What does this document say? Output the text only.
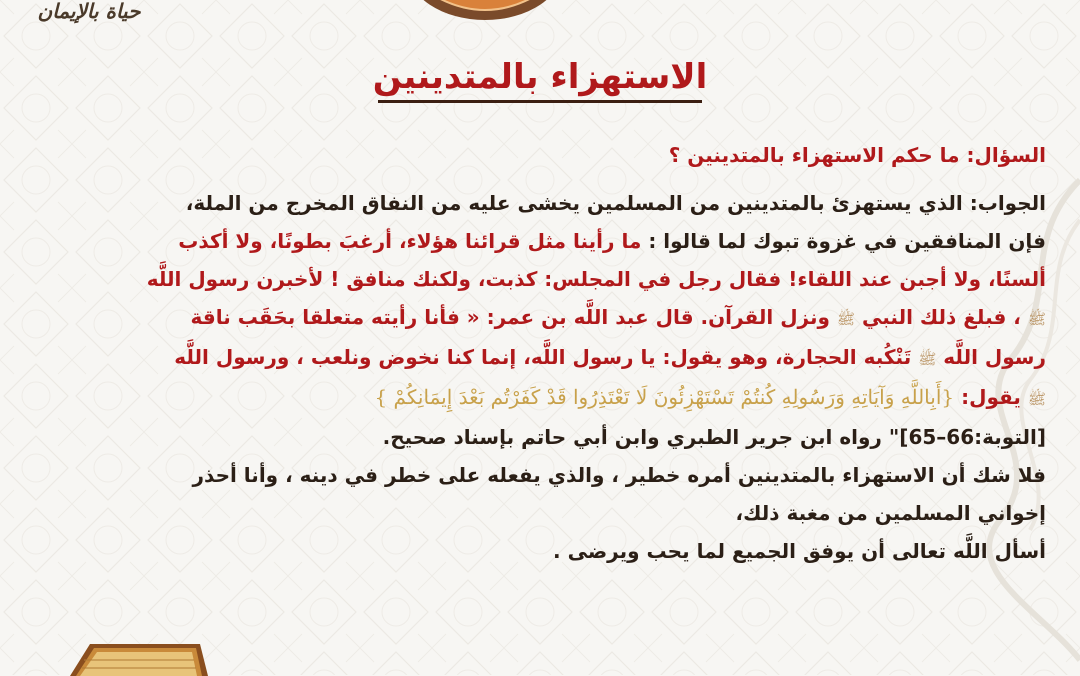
حياة بالإيمان
الاستهزاء بالمتدينين

السؤال: ما حكم الاستهزاء بالمتدينين ؟

الجواب: الذي يستهزئ بالمتدينين من المسلمين يخشى عليه من النفاق المخرج من الملة،
فإن المنافقين في غزوة تبوك لما قالوا : ما رأينا مثل قرائنا هؤلاء، أرغبَ بطونًا، ولا أكذب
ألسنًا، ولا أجبن عند اللقاء! فقال رجل في المجلس: كذبت، ولكنك منافق ! لأخبرن رسول اللَّه
ﷺ ، فبلغ ذلك النبي ﷺ ونزل القرآن. قال عبد اللَّه بن عمر: « فأنا رأيته متعلقا بحَقَب ناقة
رسول اللَّه ﷺ تَنْكُبه الحجارة، وهو يقول: يا رسول اللَّه، إنما كنا نخوض ونلعب ، ورسول اللَّه
ﷺ يقول: {أَبِاللَّهِ وَآيَاتِهِ وَرَسُولِهِ كُنتُمْ تَسْتَهْزِئُونَ لَا تَعْتَذِرُوا قَدْ كَفَرْتُم بَعْدَ إِيمَانِكُمْ }
[التوبة:66–65]" رواه ابن جرير الطبري وابن أبي حاتم بإسناد صحيح.
فلا شك أن الاستهزاء بالمتدينين أمره خطير ، والذي يفعله على خطر في دينه ، وأنا أحذر
إخواني المسلمين من مغبة ذلك،
أسأل اللَّه تعالى أن يوفق الجميع لما يحب ويرضى .
